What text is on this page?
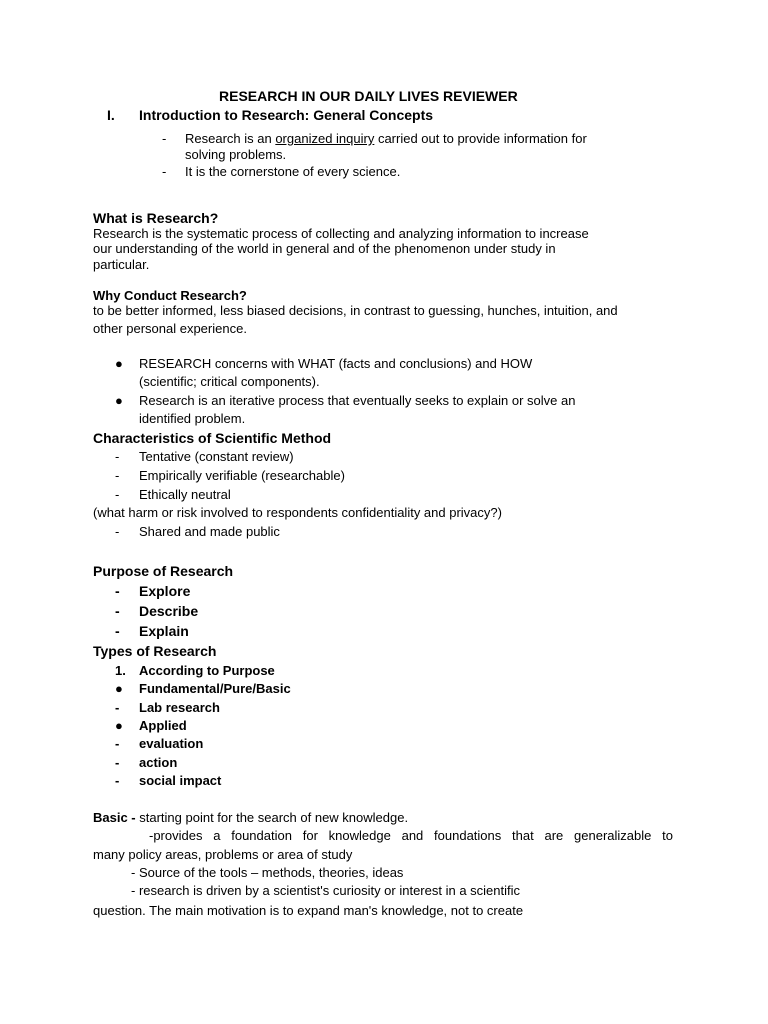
RESEARCH IN OUR DAILY LIVES REVIEWER
I. Introduction to Research: General Concepts
- Research is an organized inquiry carried out to provide information for
solving problems.
- It is the cornerstone of every science.
What is Research?
Research is the systematic process of collecting and analyzing information to increase
our understanding of the world in general and of the phenomenon under study in
particular.
Why Conduct Research?
to be better informed, less biased decisions, in contrast to guessing, hunches, intuition, and
other personal experience.
● RESEARCH concerns with WHAT (facts and conclusions) and HOW
(scientific; critical components).
● Research is an iterative process that eventually seeks to explain or solve an
identified problem.
Characteristics of Scientific Method
- Tentative (constant review)
- Empirically verifiable (researchable)
- Ethically neutral
(what harm or risk involved to respondents confidentiality and privacy?)
- Shared and made public
Purpose of Research
- Explore
- Describe
- Explain
Types of Research
1. According to Purpose
● Fundamental/Pure/Basic
- Lab research
● Applied
- evaluation
- action
- social impact
Basic - starting point for the search of new knowledge.
-provides a foundation for knowledge and foundations that are generalizable to
many policy areas, problems or area of study
- Source of the tools – methods, theories, ideas
- research is driven by a scientist's curiosity or interest in a scientific
question. The main motivation is to expand man's knowledge, not to create
